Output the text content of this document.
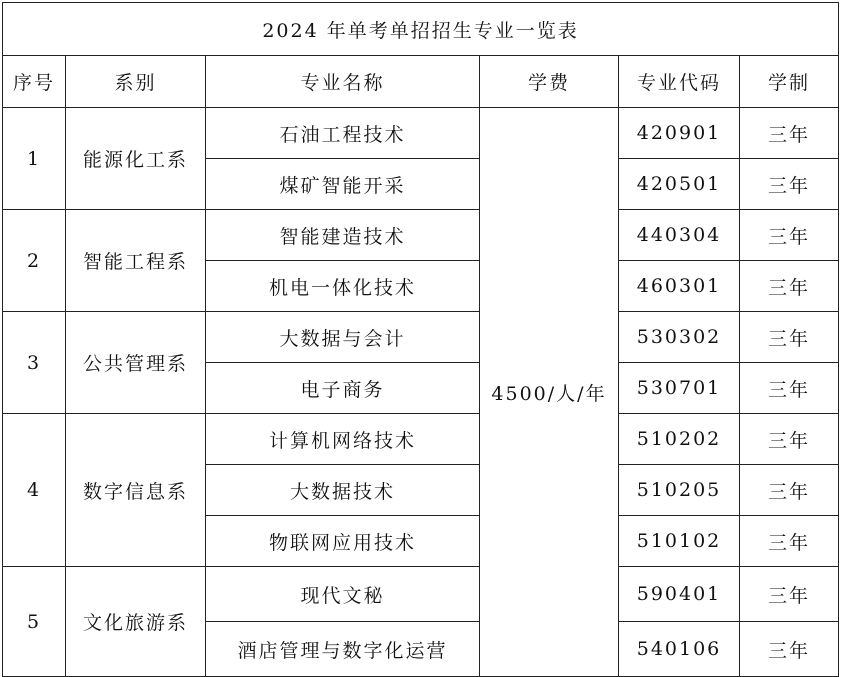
2024 年单考单招招生专业一览表					
序号	系别	专业名称	学费	专业代码	学制
1	能源化工系	石油工程技术	4500/人/年	420901	三年
		煤矿智能开采		420501	三年
2	智能工程系	智能建造技术		440304	三年
		机电一体化技术		460301	三年
3	公共管理系	大数据与会计		530302	三年
		电子商务		530701	三年
4	数字信息系	计算机网络技术		510202	三年
		大数据技术		510205	三年
		物联网应用技术		510102	三年
5	文化旅游系	现代文秘		590401	三年
		酒店管理与数字化运营		540106	三年
